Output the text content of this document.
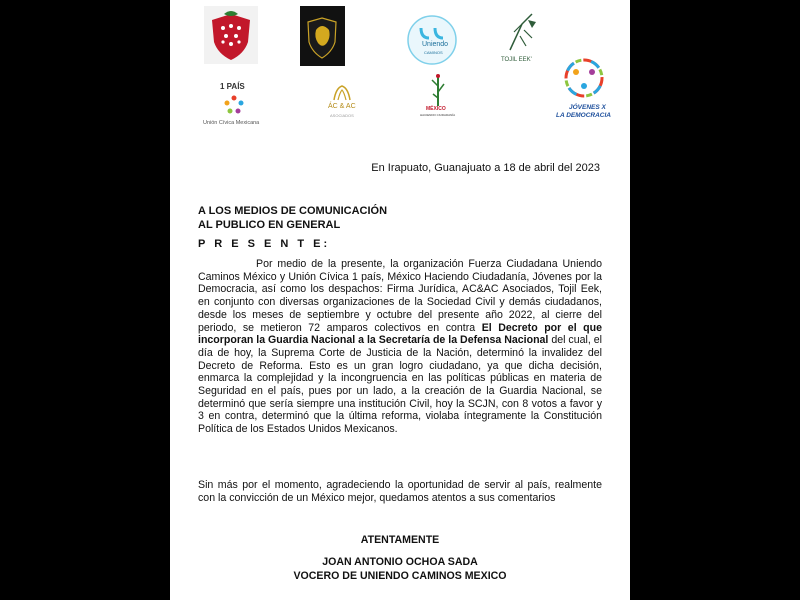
Uniendo
CAMINOS
TOJIL EEK'
1 PAÍS
Unión Cívica Mexicana
ÁC & AC
ASOCIADOS
MÉXICO
HACIENDO CIUDADANÍA
JÓVENES X
LA DEMOCRACIA
En Irapuato, Guanajuato a 18 de abril del 2023
A LOS MEDIOS DE COMUNICACIÓN
AL PUBLICO EN GENERAL
P R E S E N T E:
Por medio de la presente, la organización Fuerza Ciudadana Uniendo Caminos México y Unión Cívica 1 país, México Haciendo Ciudadanía, Jóvenes por la Democracia, así como los despachos: Firma Jurídica, AC&AC Asociados, Tojil Eek, en conjunto con diversas organizaciones de la Sociedad Civil y demás ciudadanos, desde los meses de septiembre y octubre del presente año 2022, al cierre del periodo, se metieron 72 amparos colectivos en contra El Decreto por el que incorporan la Guardia Nacional a la Secretaría de la Defensa Nacional del cual, el día de hoy, la Suprema Corte de Justicia de la Nación, determinó la invalidez del Decreto de Reforma. Esto es un gran logro ciudadano, ya que dicha decisión, enmarca la complejidad y la incongruencia en las políticas públicas en materia de Seguridad en el país, pues por un lado, a la creación de la Guardia Nacional, se determinó que sería siempre una institución Civil, hoy la SCJN, con 8 votos a favor y 3 en contra, determinó que la última reforma, violaba íntegramente la Constitución Política de los Estados Unidos Mexicanos.
Sin más por el momento, agradeciendo la oportunidad de servir al país, realmente con la convicción de un México mejor, quedamos atentos a sus comentarios
ATENTAMENTE
JOAN ANTONIO OCHOA SADA
VOCERO DE UNIENDO CAMINOS MEXICO
